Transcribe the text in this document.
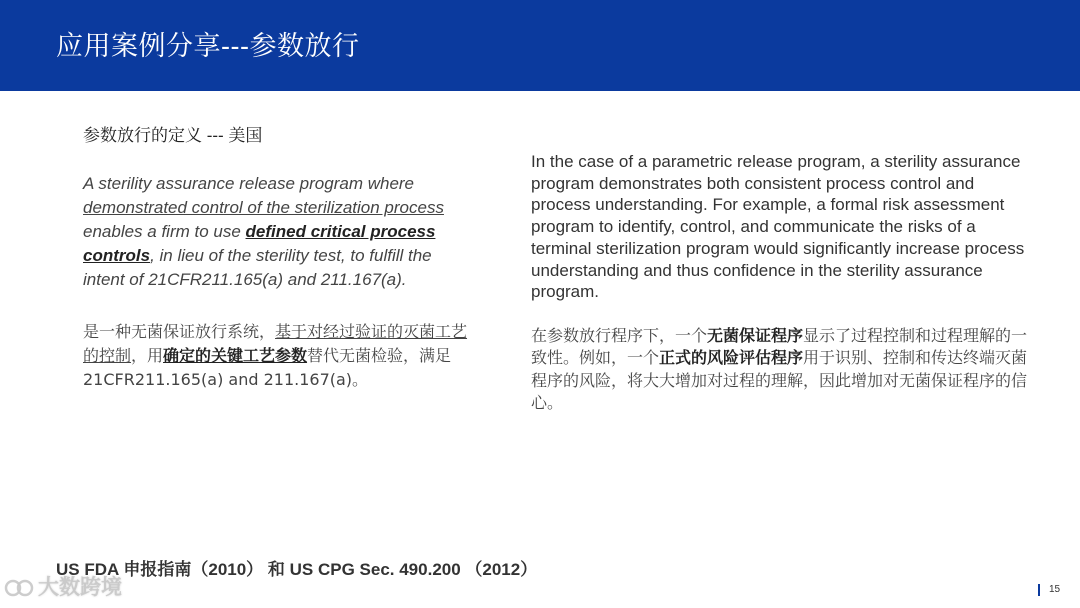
应用案例分享---参数放行
参数放行的定义 --- 美国

A sterility assurance release program where demonstrated control of the sterilization process enables a firm to use defined critical process controls, in lieu of the sterility test, to fulfill the intent of 21CFR211.165(a) and 211.167(a).

是一种无菌保证放行系统，基于对经过验证的灭菌工艺的控制，用确定的关键工艺参数替代无菌检验，满足21CFR211.165(a) and 211.167(a)。

In the case of a parametric release program, a sterility assurance program demonstrates both consistent process control and process understanding. For example, a formal risk assessment program to identify, control, and communicate the risks of a terminal sterilization program would significantly increase process understanding and thus confidence in the sterility assurance program.

在参数放行程序下，一个无菌保证程序显示了过程控制和过程理解的一致性。例如，一个正式的风险评估程序用于识别、控制和传达终端灭菌程序的风险，将大大增加对过程的理解，因此增加对无菌保证程序的信心。

US FDA 申报指南（2010） 和 US CPG Sec. 490.200 （2012）
大数跨境	15
